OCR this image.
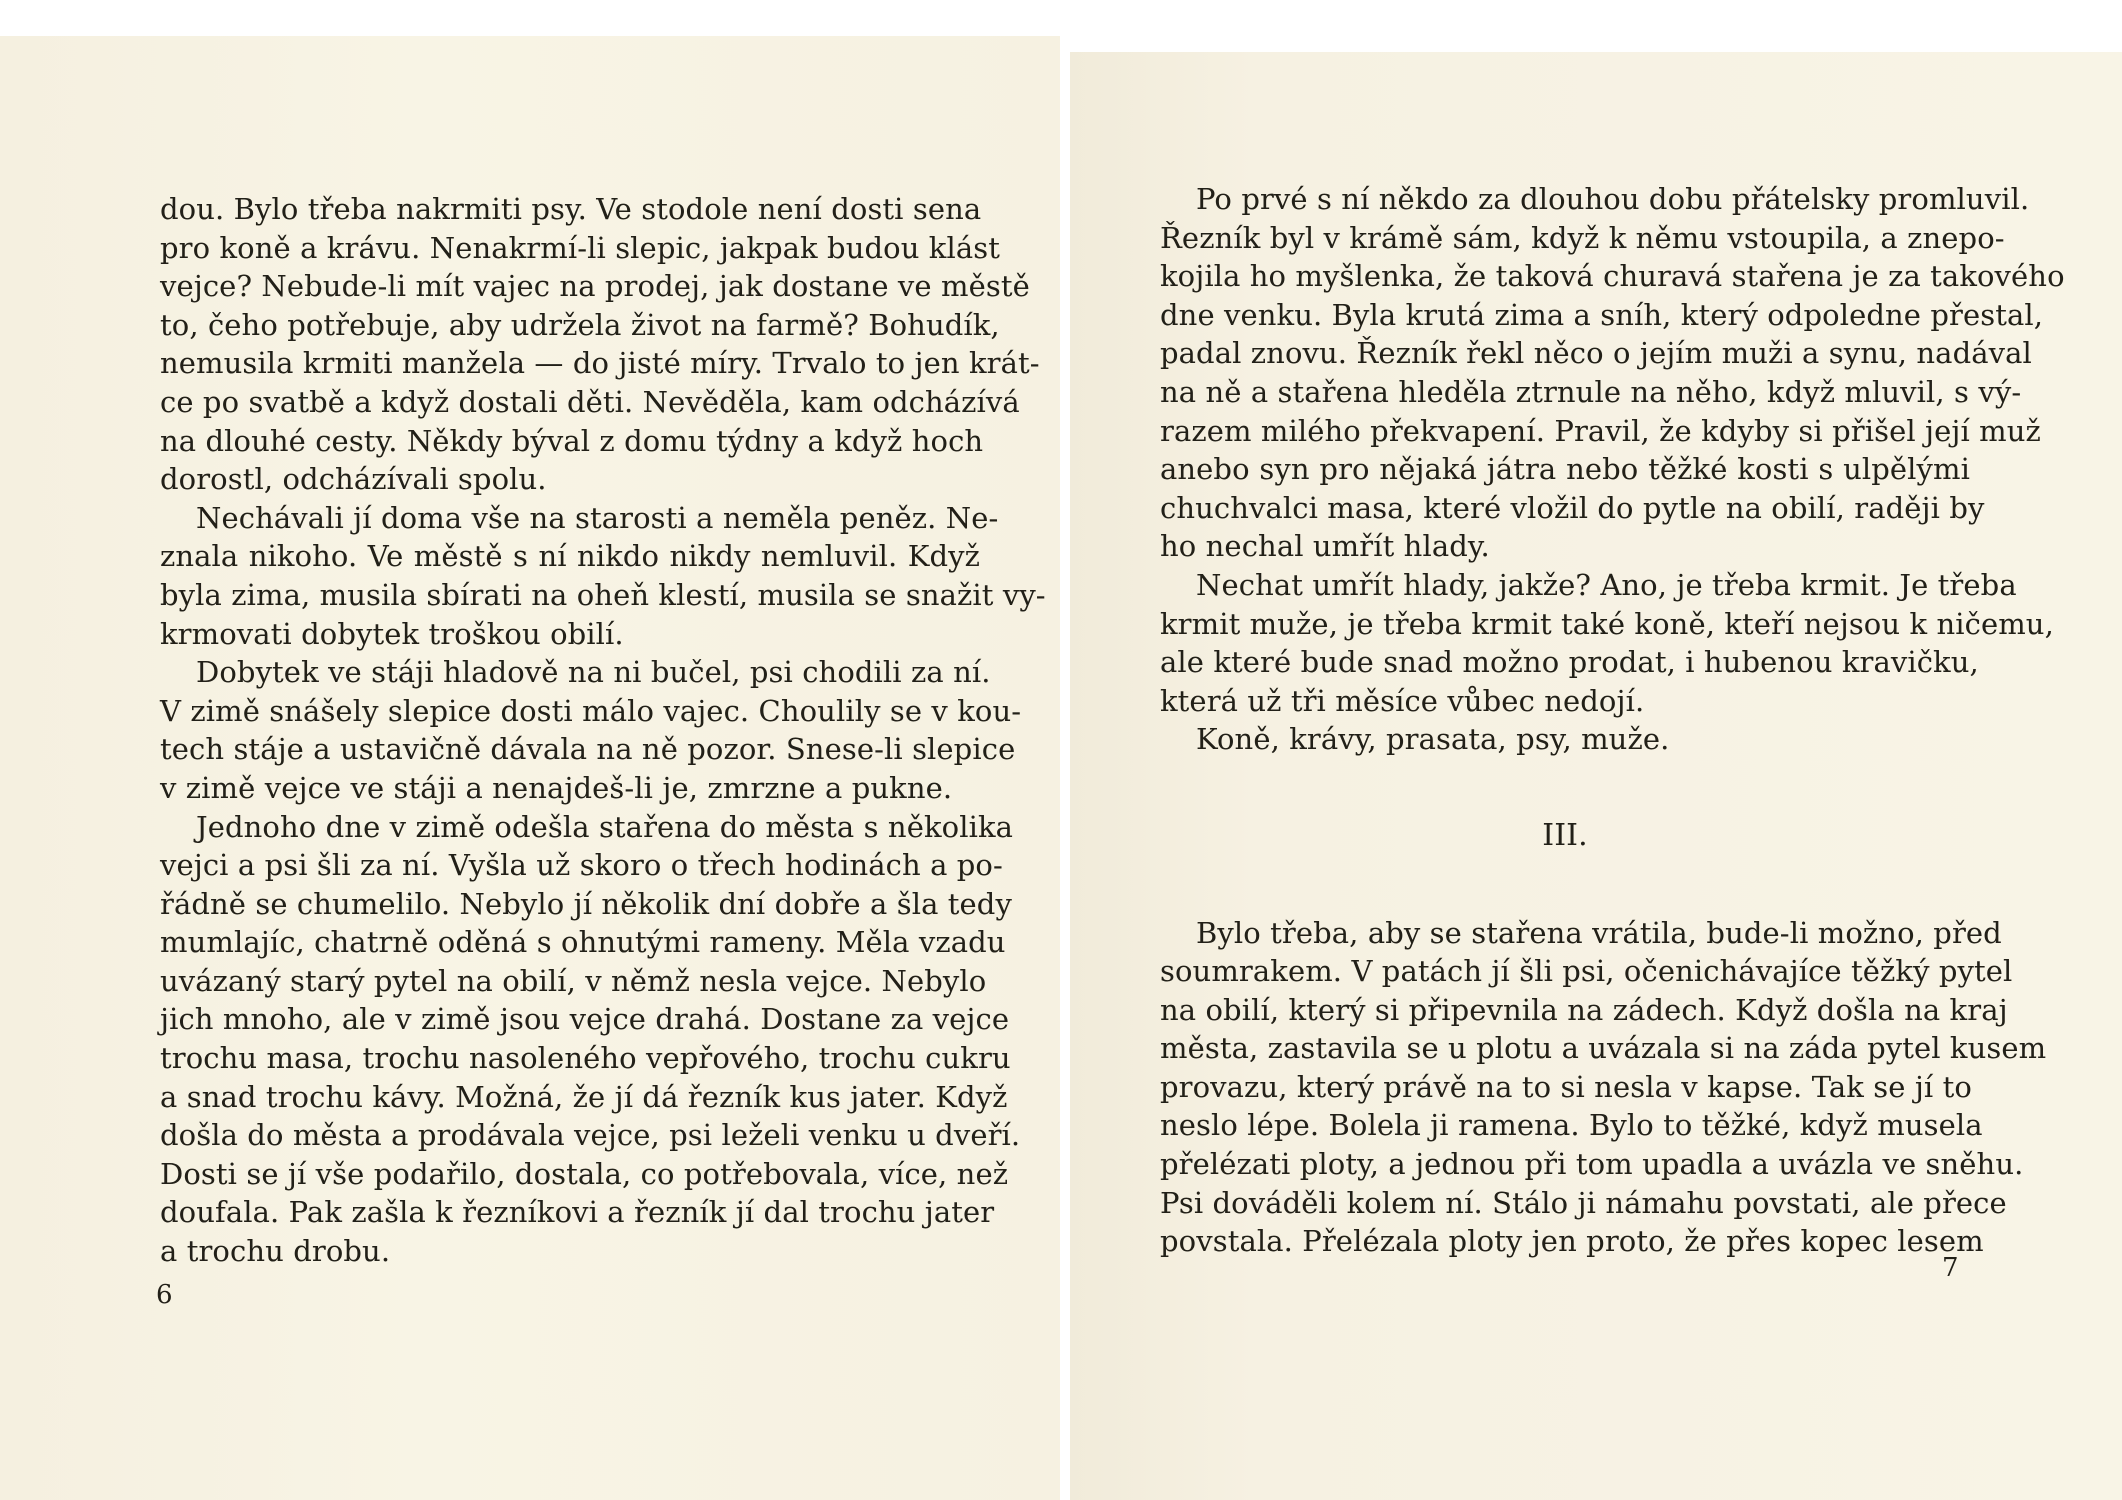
dou. Bylo třeba nakrmiti psy. Ve stodole není dosti sena
pro koně a krávu. Nenakrmí-li slepic, jakpak budou klást
vejce? Nebude-li mít vajec na prodej, jak dostane ve městě
to, čeho potřebuje, aby udržela život na farmě? Bohudík,
nemusila krmiti manžela — do jisté míry. Trvalo to jen krát-
ce po svatbě a když dostali děti. Nevěděla, kam odcházívá
na dlouhé cesty. Někdy býval z domu týdny a když hoch
dorostl, odcházívali spolu.
Nechávali jí doma vše na starosti a neměla peněz. Ne-
znala nikoho. Ve městě s ní nikdo nikdy nemluvil. Když
byla zima, musila sbírati na oheň klestí, musila se snažit vy-
krmovati dobytek troškou obilí.
Dobytek ve stáji hladově na ni bučel, psi chodili za ní.
V zimě snášely slepice dosti málo vajec. Choulily se v kou-
tech stáje a ustavičně dávala na ně pozor. Snese-li slepice
v zimě vejce ve stáji a nenajdeš-li je, zmrzne a pukne.
Jednoho dne v zimě odešla stařena do města s několika
vejci a psi šli za ní. Vyšla už skoro o třech hodinách a po-
řádně se chumelilo. Nebylo jí několik dní dobře a šla tedy
mumlajíc, chatrně oděná s ohnutými rameny. Měla vzadu
uvázaný starý pytel na obilí, v němž nesla vejce. Nebylo
jich mnoho, ale v zimě jsou vejce drahá. Dostane za vejce
trochu masa, trochu nasoleného vepřového, trochu cukru
a snad trochu kávy. Možná, že jí dá řezník kus jater. Když
došla do města a prodávala vejce, psi leželi venku u dveří.
Dosti se jí vše podařilo, dostala, co potřebovala, více, než
doufala. Pak zašla k řezníkovi a řezník jí dal trochu jater
a trochu drobu.
6
Po prvé s ní někdo za dlouhou dobu přátelsky promluvil.
Řezník byl v krámě sám, když k němu vstoupila, a znepo-
kojila ho myšlenka, že taková churavá stařena je za takového
dne venku. Byla krutá zima a sníh, který odpoledne přestal,
padal znovu. Řezník řekl něco o jejím muži a synu, nadával
na ně a stařena hleděla ztrnule na něho, když mluvil, s vý-
razem milého překvapení. Pravil, že kdyby si přišel její muž
anebo syn pro nějaká játra nebo těžké kosti s ulpělými
chuchvalci masa, které vložil do pytle na obilí, raději by
ho nechal umřít hlady.
Nechat umřít hlady, jakže? Ano, je třeba krmit. Je třeba
krmit muže, je třeba krmit také koně, kteří nejsou k ničemu,
ale které bude snad možno prodat, i hubenou kravičku,
která už tři měsíce vůbec nedojí.
Koně, krávy, prasata, psy, muže.
III.
Bylo třeba, aby se stařena vrátila, bude-li možno, před
soumrakem. V patách jí šli psi, očenichávajíce těžký pytel
na obilí, který si připevnila na zádech. Když došla na kraj
města, zastavila se u plotu a uvázala si na záda pytel kusem
provazu, který právě na to si nesla v kapse. Tak se jí to
neslo lépe. Bolela ji ramena. Bylo to těžké, když musela
přelézati ploty, a jednou při tom upadla a uvázla ve sněhu.
Psi dováděli kolem ní. Stálo ji námahu povstati, ale přece
povstala. Přelézala ploty jen proto, že přes kopec lesem
7
